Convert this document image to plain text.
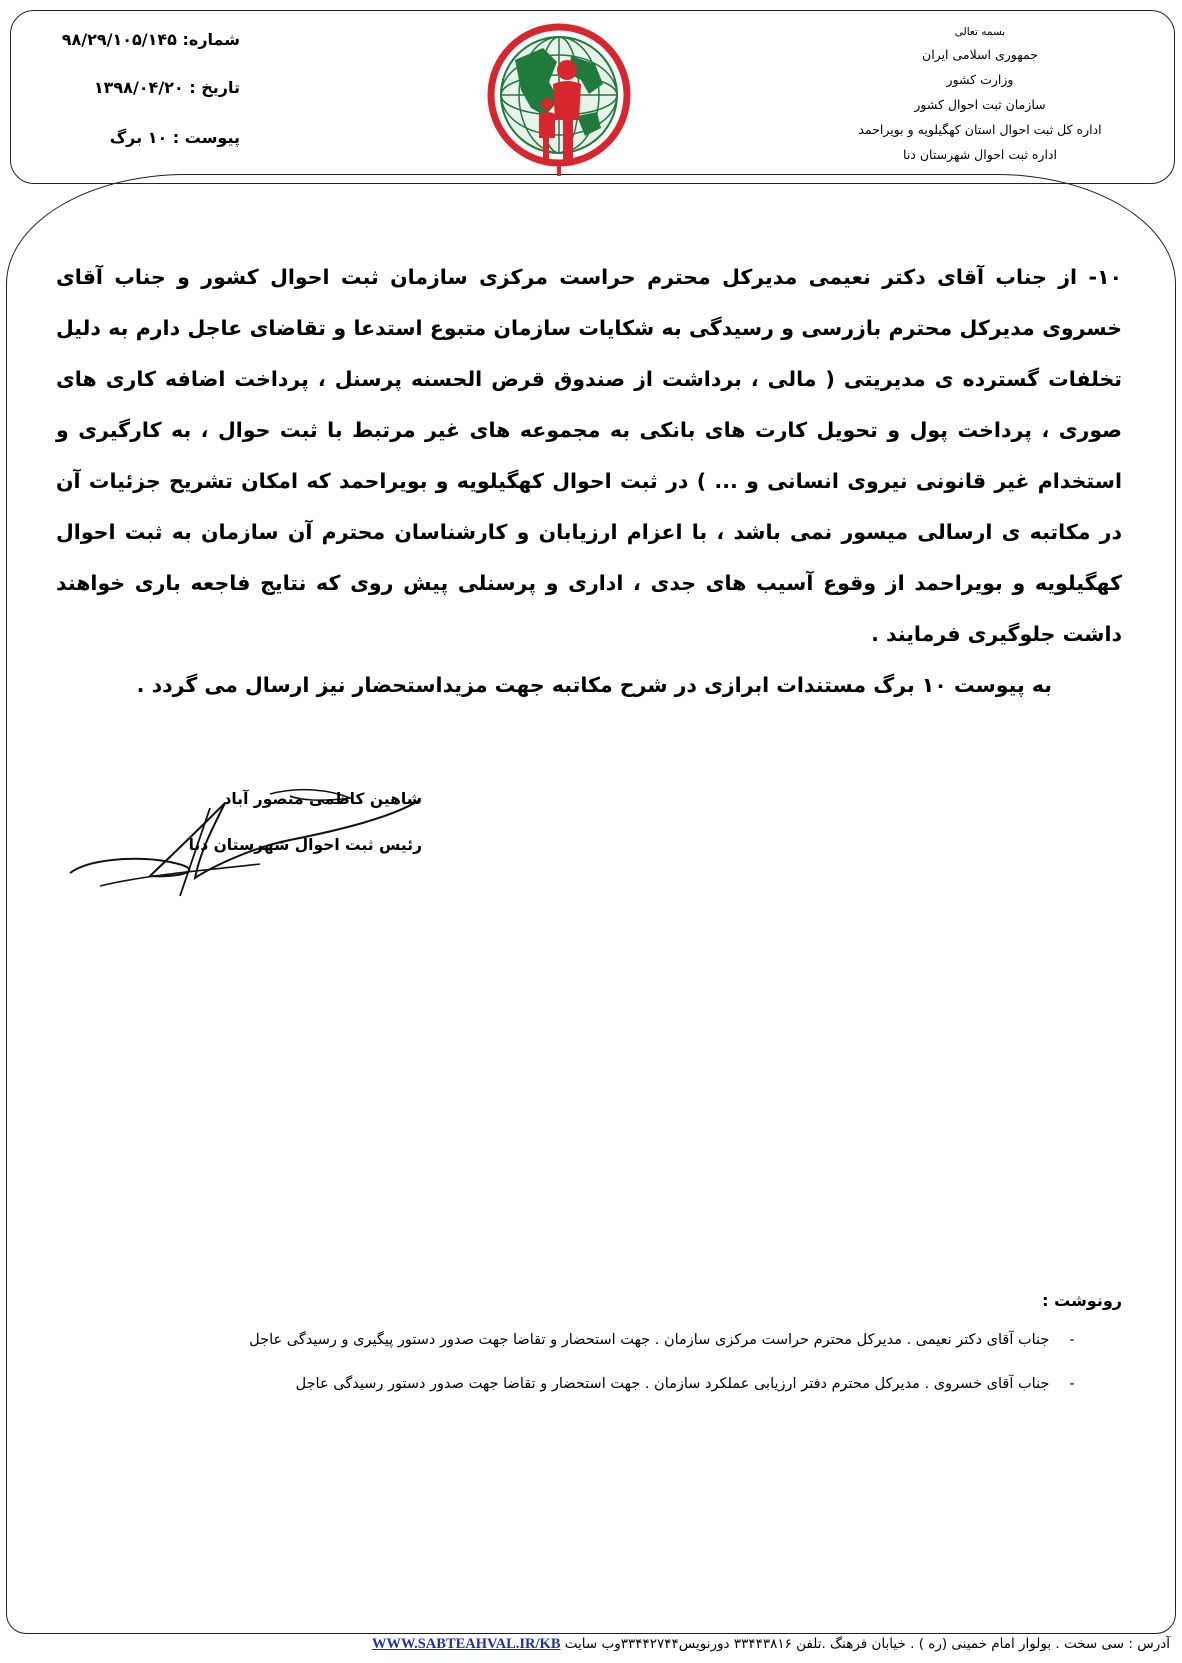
بسمه تعالی
جمهوری اسلامی ایران
وزارت کشور
سازمان ثبت احوال کشور
اداره کل ثبت احوال استان کهگیلویه و بویراحمد
اداره ثبت احوال شهرستان دنا
شماره: ۹۸/۲۹/۱۰۵/۱۴۵
تاریخ : ۱۳۹۸/۰۴/۲۰
پیوست : ۱۰ برگ

۱۰- از جناب آقای دکتر نعیمی مدیرکل محترم حراست مرکزی سازمان ثبت احوال کشور و جناب آقای خسروی مدیرکل محترم بازرسی و رسیدگی به شکایات سازمان متبوع استدعا و تقاضای عاجل دارم به دلیل تخلفات گسترده ی مدیریتی ( مالی ، برداشت از صندوق قرض الحسنه پرسنل ، پرداخت اضافه کاری های صوری ، پرداخت پول و تحویل کارت های بانکی به مجموعه های غیر مرتبط با ثبت حوال ، به کارگیری و استخدام غیر قانونی نیروی انسانی و ... ) در ثبت احوال کهگیلویه و بویراحمد که امکان تشریح جزئیات آن در مکاتبه ی ارسالی میسور نمی باشد ، با اعزام ارزیابان و کارشناسان محترم آن سازمان به ثبت احوال کهگیلویه و بویراحمد از وقوع آسیب های جدی ، اداری و پرسنلی پیش روی که نتایج فاجعه باری خواهند داشت جلوگیری فرمایند .

به پیوست ۱۰ برگ مستندات ابرازی در شرح مکاتبه جهت مزیداستحضار نیز ارسال می گردد .

شاهین کاظمی منصور آباد
رئیس ثبت احوال شهرستان دنا
رونوشت :
- جناب آقای دکتر نعیمی . مدیرکل محترم حراست مرکزی سازمان . جهت استحضار و تقاضا جهت صدور دستور پیگیری و رسیدگی عاجل
- جناب آقای خسروی . مدیرکل محترم دفتر ارزیابی عملکرد سازمان . جهت استحضار و تقاضا جهت صدور دستور رسیدگی عاجل
آدرس : سی سخت . بولوار امام خمینی (ره ) . خیابان فرهنگ .تلفن ۳۳۴۴۳۸۱۶ دورنویس۳۳۴۴۲۷۴۴وب سایت WWW.SABTEAHVAL.IR/KB
